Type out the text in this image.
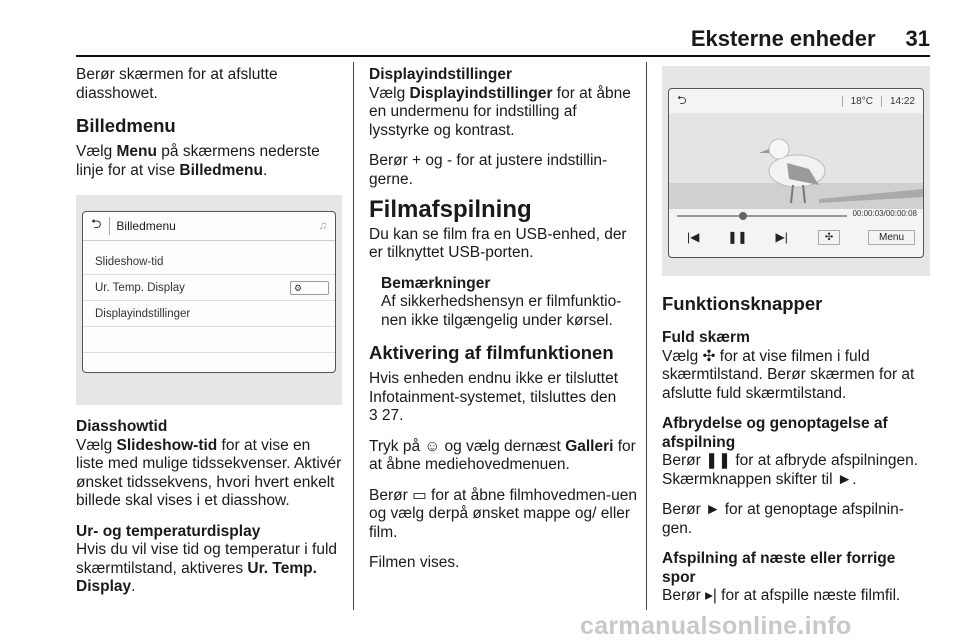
Eksterne enheder 31

Berør skærmen for at afslutte diasshowet.

Billedmenu

Vælg Menu på skærmens nederste linje for at vise Billedmenu.

⮌ Billedmenu	♫
Slideshow-tid
Ur. Temp. Display	⚙
Displayindstillinger
Diasshowtid

Vælg Slideshow-tid for at vise en liste med mulige tidssekvenser. Aktivér ønsket tidssekvens, hvori hvert enkelt billede skal vises i et diasshow.

Ur- og temperaturdisplay

Hvis du vil vise tid og temperatur i fuld skærmtilstand, aktiveres Ur. Temp. Display.

Displayindstillinger

Vælg Displayindstillinger for at åbne en undermenu for indstilling af lysstyrke og kontrast.

Berør + og - for at justere indstillin-gerne.

Filmafspilning

Du kan se film fra en USB-enhed, der er tilknyttet USB-porten.

Bemærkninger

Af sikkerhedshensyn er filmfunktio-nen ikke tilgængelig under kørsel.

Aktivering af filmfunktionen

Hvis enheden endnu ikke er tilsluttet Infotainment-systemet, tilsluttes den
3 27.

Tryk på ☺ og vælg dernæst Galleri for at åbne mediehovedmenuen.

Berør ▭ for at åbne filmhovedmen-uen og vælg derpå ønsket mappe og/ eller film.

Filmen vises.

⮌	18°C	14:22
00:00:03/00:00:08
|◀ ❚❚ ▶|	✣	Menu
Funktionsknapper
Fuld skærm

Vælg ✣ for at vise filmen i fuld skærmtilstand. Berør skærmen for at afslutte fuld skærmtilstand.

Afbrydelse og genoptagelse af afspilning

Berør ❚❚ for at afbryde afspilningen. Skærmknappen skifter til ►.

Berør ► for at genoptage afspilnin-gen.

Afspilning af næste eller forrige spor

Berør ▸| for at afspille næste filmfil.

carmanualsonline.info
